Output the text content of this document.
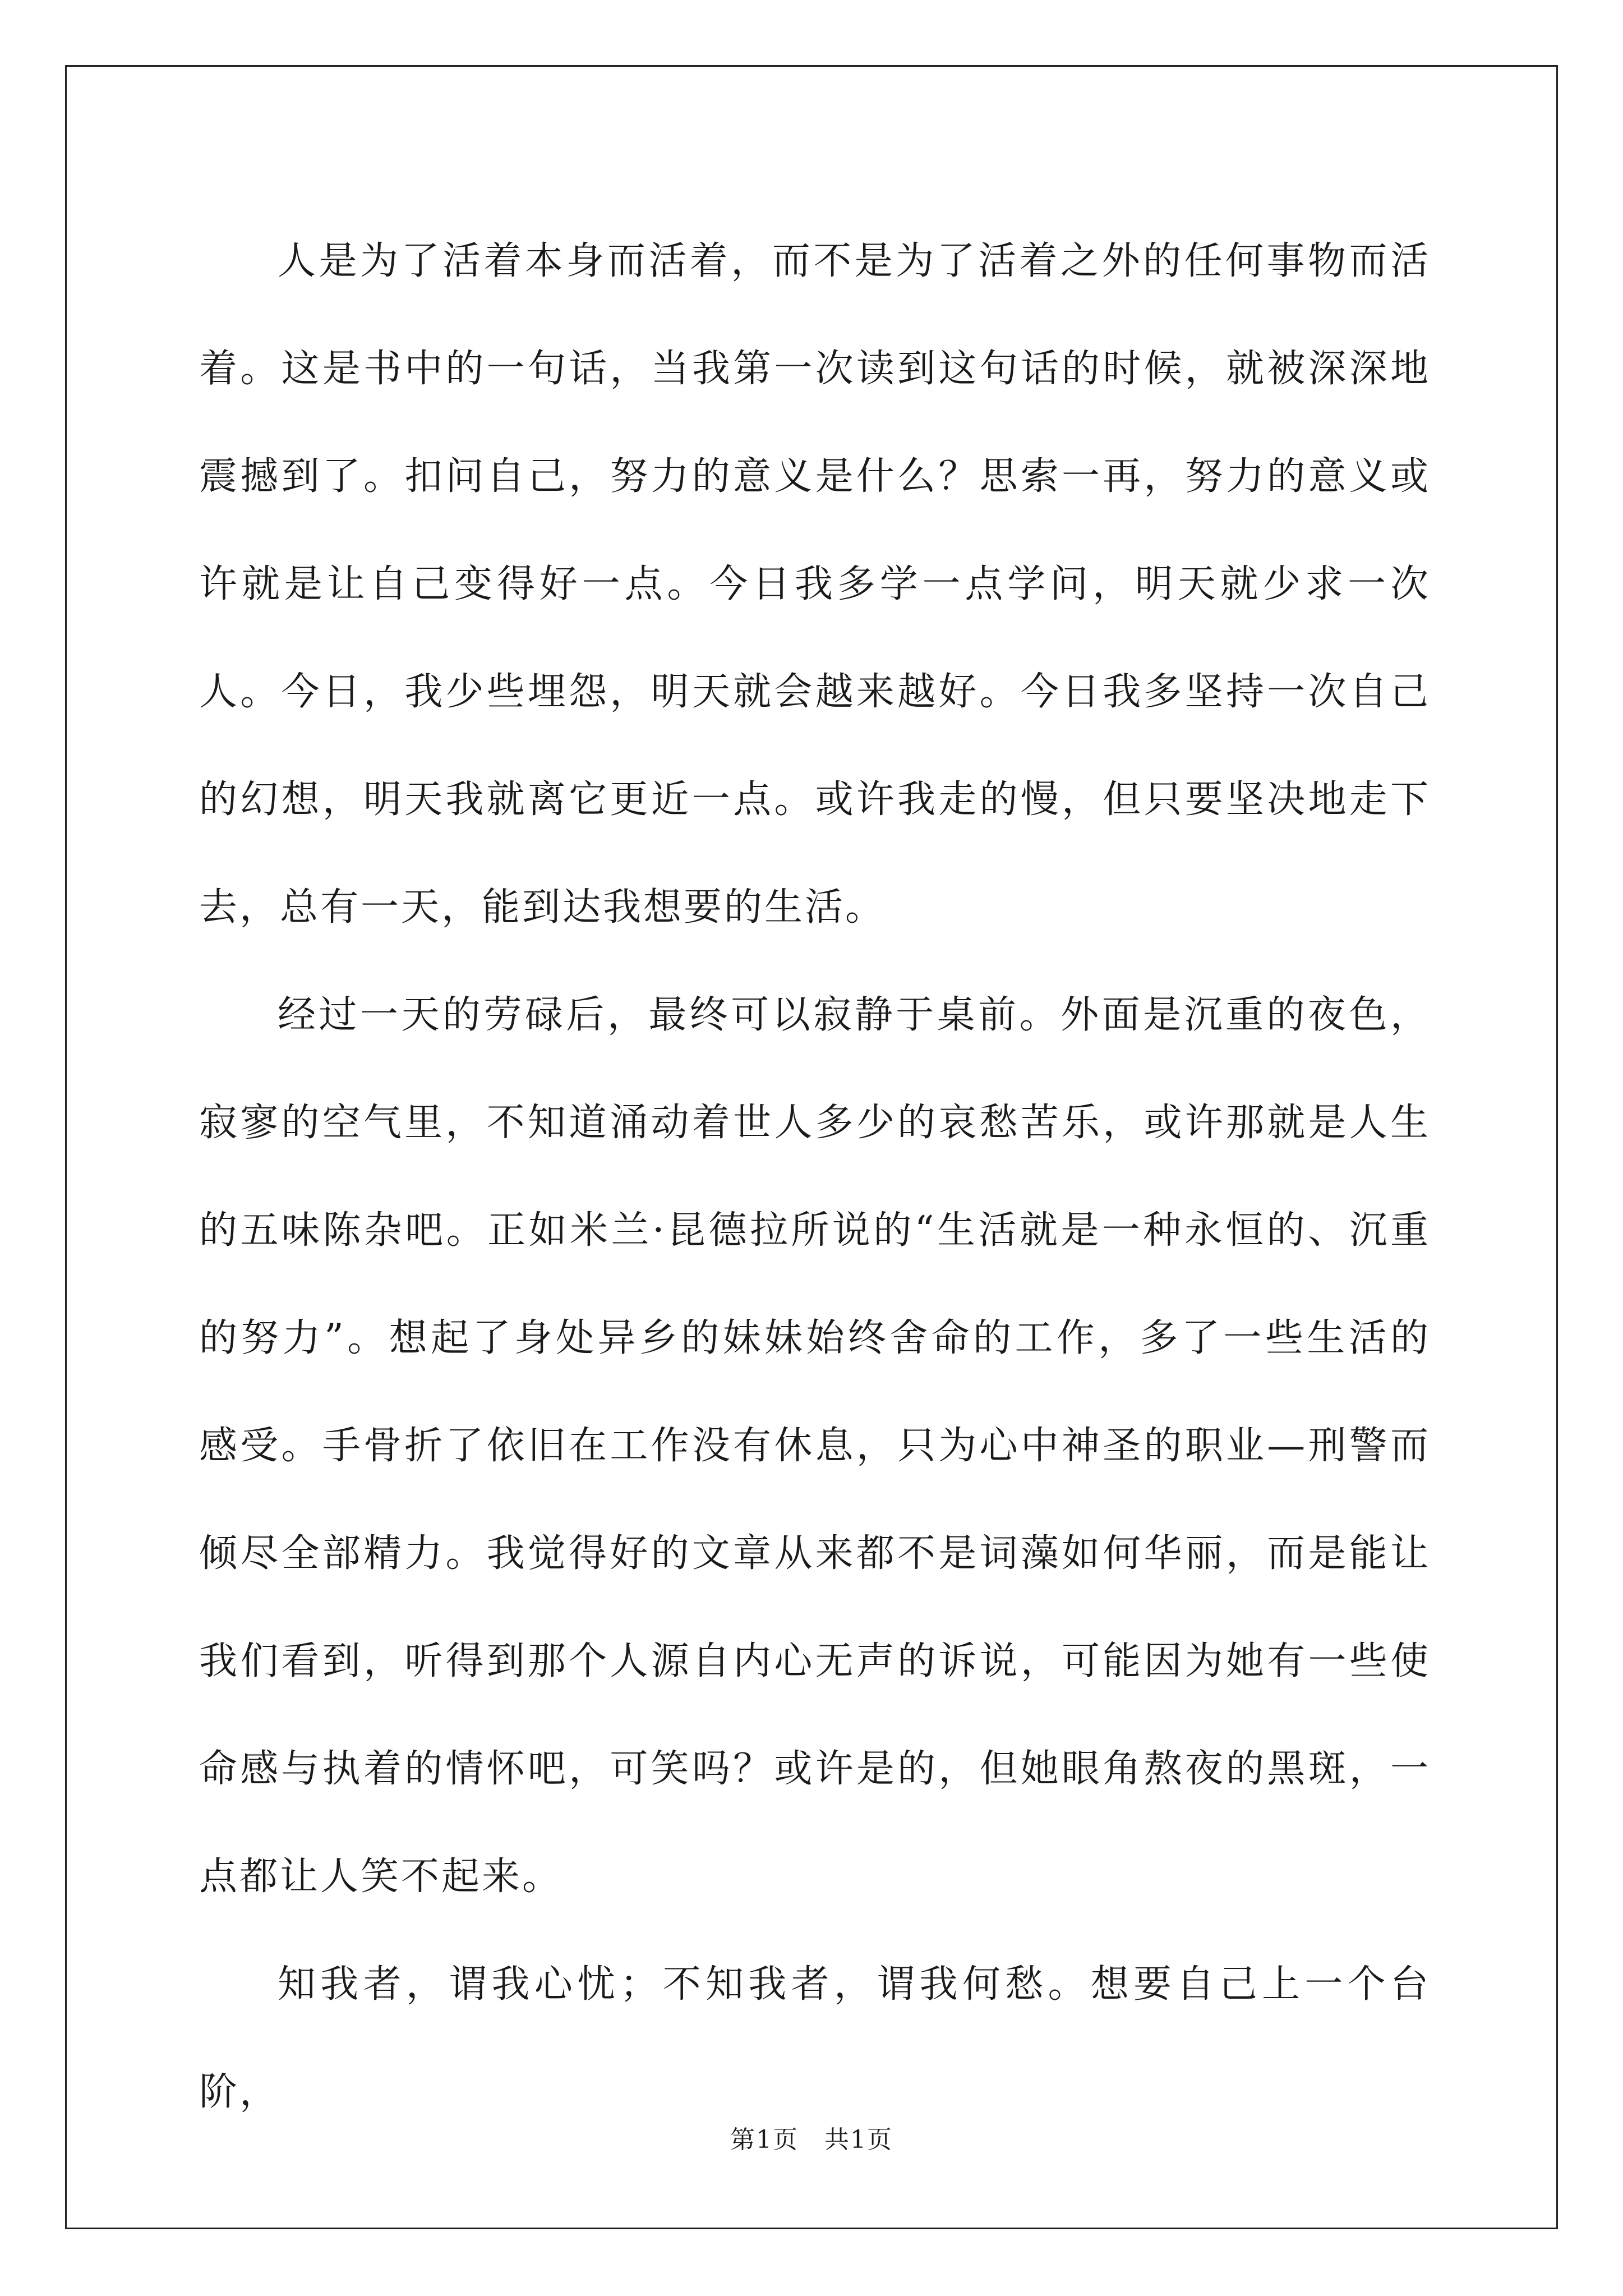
人是为了活着本身而活着，而不是为了活着之外的任何事物而活着。这是书中的一句话，当我第一次读到这句话的时候，就被深深地震撼到了。扣问自己，努力的意义是什么？思索一再，努力的意义或许就是让自己变得好一点。今日我多学一点学问，明天就少求一次人。今日，我少些埋怨，明天就会越来越好。今日我多坚持一次自己的幻想，明天我就离它更近一点。或许我走的慢，但只要坚决地走下去，总有一天，能到达我想要的生活。

经过一天的劳碌后，最终可以寂静于桌前。外面是沉重的夜色，寂寥的空气里，不知道涌动着世人多少的哀愁苦乐，或许那就是人生的五味陈杂吧。正如米兰·昆德拉所说的“生活就是一种永恒的、沉重的努力”。想起了身处异乡的妹妹始终舍命的工作，多了一些生活的感受。手骨折了依旧在工作没有休息，只为心中神圣的职业—刑警而倾尽全部精力。我觉得好的文章从来都不是词藻如何华丽，而是能让我们看到，听得到那个人源自内心无声的诉说，可能因为她有一些使命感与执着的情怀吧，可笑吗？或许是的，但她眼角熬夜的黑斑，一点都让人笑不起来。

知我者，谓我心忧；不知我者，谓我何愁。想要自己上一个台阶，

第1页　共1页
